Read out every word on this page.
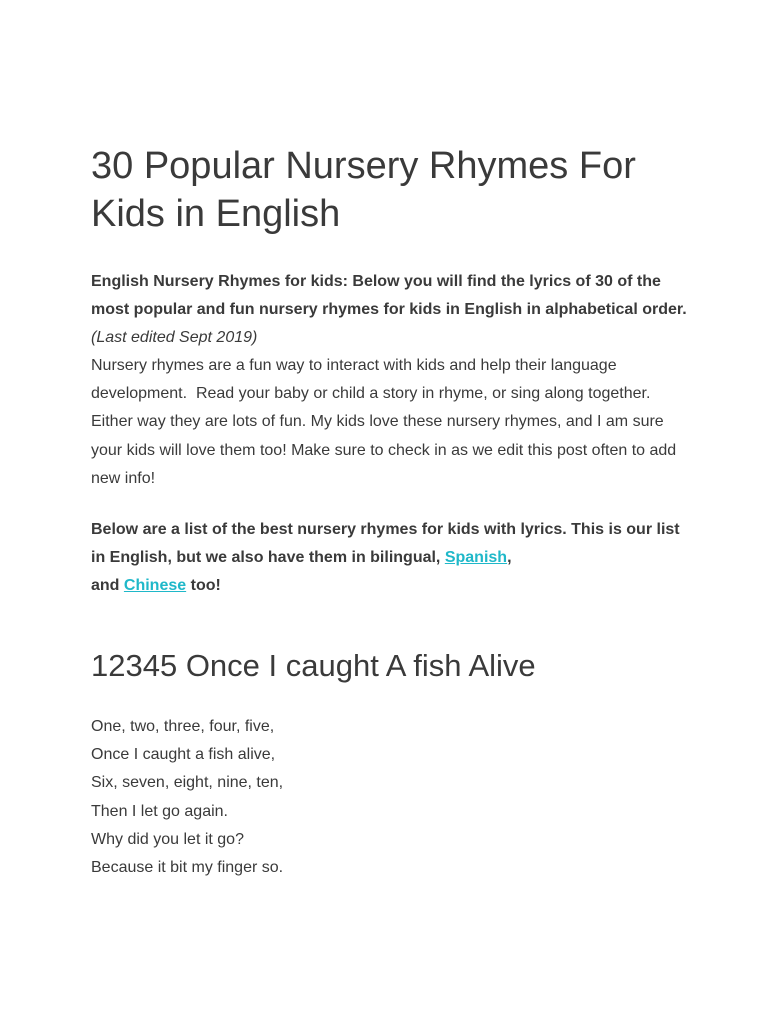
30 Popular Nursery Rhymes For Kids in English

English Nursery Rhymes for kids: Below you will find the lyrics of 30 of the most popular and fun nursery rhymes for kids in English in alphabetical order. (Last edited Sept 2019)

Nursery rhymes are a fun way to interact with kids and help their language development.  Read your baby or child a story in rhyme, or sing along together. Either way they are lots of fun. My kids love these nursery rhymes, and I am sure your kids will love them too! Make sure to check in as we edit this post often to add new info!

Below are a list of the best nursery rhymes for kids with lyrics. This is our list in English, but we also have them in bilingual, Spanish,
and Chinese too!

12345 Once I caught A fish Alive
One, two, three, four, five,
Once I caught a fish alive,
Six, seven, eight, nine, ten,
Then I let go again.
Why did you let it go?
Because it bit my finger so.
